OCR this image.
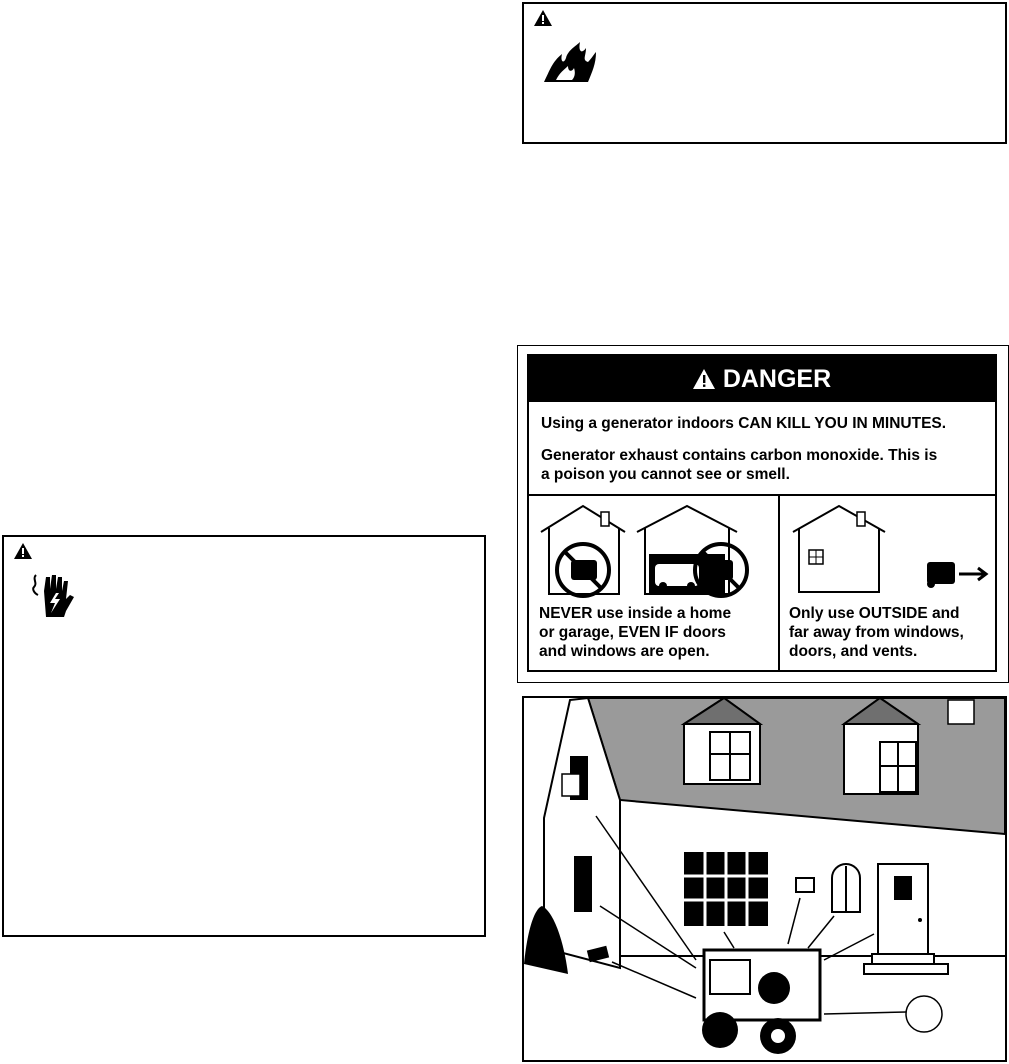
DANGER
Using a generator indoors CAN KILL YOU IN MINUTES.
Generator exhaust contains carbon monoxide. This is
a poison you cannot see or smell.
NEVER use inside a home
or garage, EVEN IF doors
and windows are open.
Only use OUTSIDE and
far away from windows,
doors, and vents.
